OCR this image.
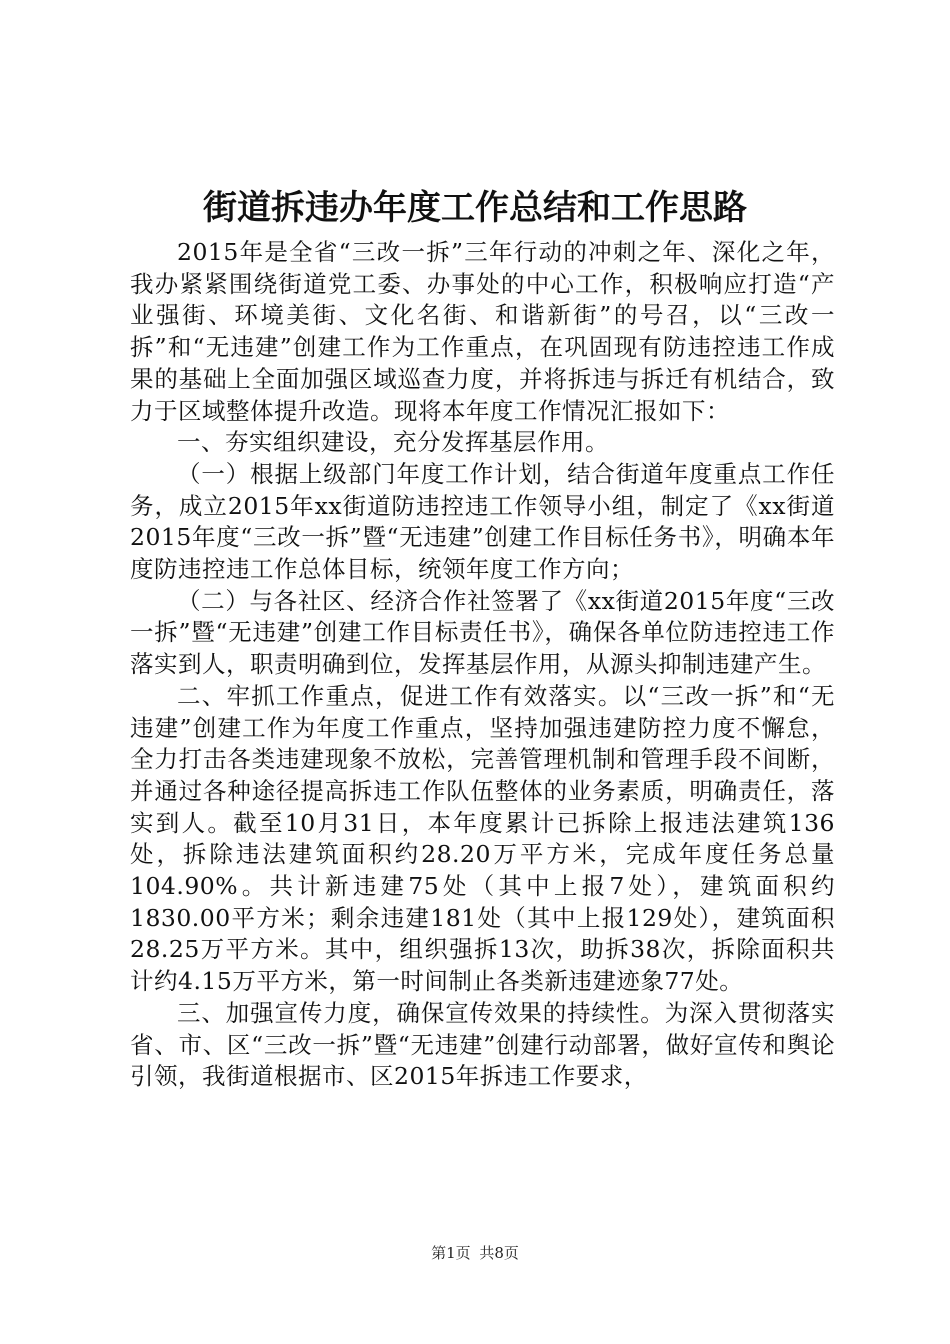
街道拆违办年度工作总结和工作思路

2015年是全省“三改一拆”三年行动的冲刺之年、深化之年，我办紧紧围绕街道党工委、办事处的中心工作，积极响应打造“产业强街、环境美街、文化名街、和谐新街”的号召，以“三改一拆”和“无违建”创建工作为工作重点，在巩固现有防违控违工作成果的基础上全面加强区域巡查力度，并将拆违与拆迁有机结合，致力于区域整体提升改造。现将本年度工作情况汇报如下：

一、夯实组织建设，充分发挥基层作用。

（一）根据上级部门年度工作计划，结合街道年度重点工作任务，成立2015年xx街道防违控违工作领导小组，制定了《xx街道2015年度“三改一拆”暨“无违建”创建工作目标任务书》，明确本年度防违控违工作总体目标，统领年度工作方向；

（二）与各社区、经济合作社签署了《xx街道2015年度“三改一拆”暨“无违建”创建工作目标责任书》，确保各单位防违控违工作落实到人，职责明确到位，发挥基层作用，从源头抑制违建产生。

二、牢抓工作重点，促进工作有效落实。以“三改一拆”和“无违建”创建工作为年度工作重点，坚持加强违建防控力度不懈怠，全力打击各类违建现象不放松，完善管理机制和管理手段不间断，并通过各种途径提高拆违工作队伍整体的业务素质，明确责任，落实到人。截至10月31日，本年度累计已拆除上报违法建筑136处，拆除违法建筑面积约28.20万平方米，完成年度任务总量104.90%。共计新违建75处（其中上报7处），建筑面积约1830.00平方米；剩余违建181处（其中上报129处），建筑面积28.25万平方米。其中，组织强拆13次，助拆38次，拆除面积共计约4.15万平方米，第一时间制止各类新违建迹象77处。

三、加强宣传力度，确保宣传效果的持续性。为深入贯彻落实省、市、区“三改一拆”暨“无违建”创建行动部署，做好宣传和舆论引领，我街道根据市、区2015年拆违工作要求，

第1页 共8页
